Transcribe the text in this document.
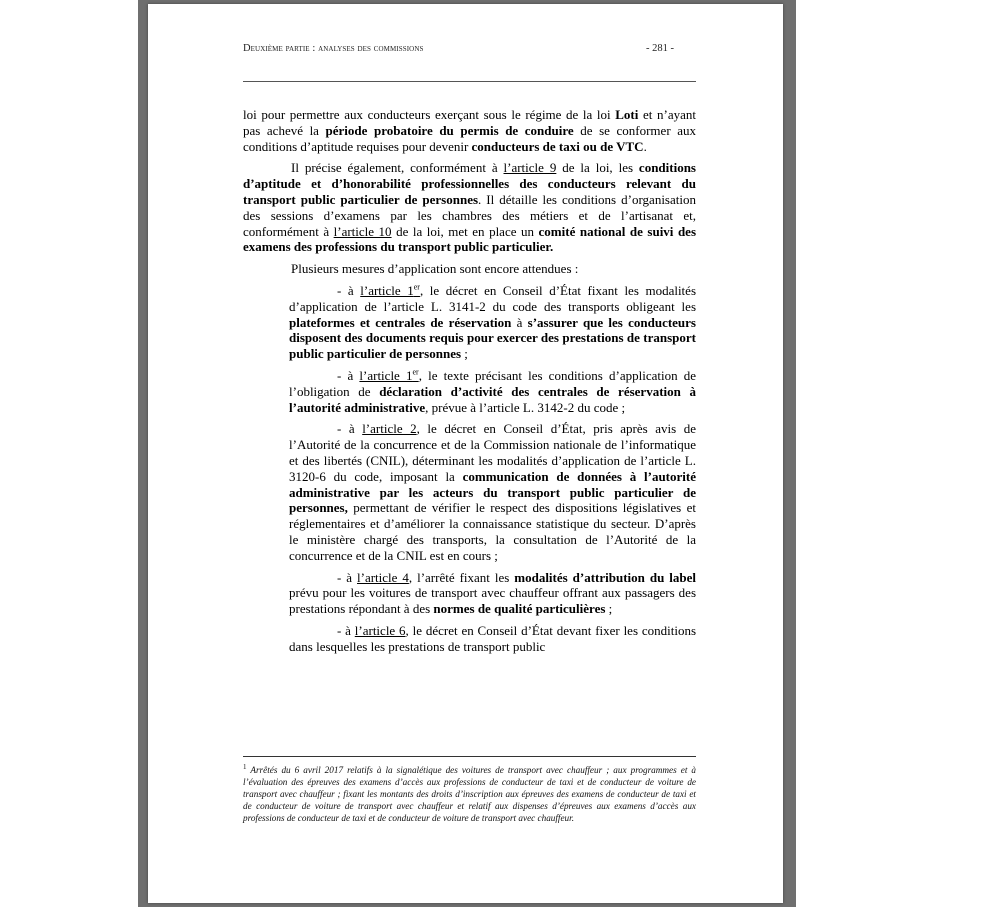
Deuxième partie : analyses des commissions	- 281 -

loi pour permettre aux conducteurs exerçant sous le régime de la loi Loti et n’ayant pas achevé la période probatoire du permis de conduire de se conformer aux conditions d’aptitude requises pour devenir conducteurs de taxi ou de VTC.

Il précise également, conformément à l’article 9 de la loi, les conditions d’aptitude et d’honorabilité professionnelles des conducteurs relevant du transport public particulier de personnes. Il détaille les conditions d’organisation des sessions d’examens par les chambres des métiers et de l’artisanat et, conformément à l’article 10 de la loi, met en place un comité national de suivi des examens des professions du transport public particulier.

Plusieurs mesures d’application sont encore attendues :

- à l’article 1er, le décret en Conseil d’État fixant les modalités d’application de l’article L. 3141-2 du code des transports obligeant les plateformes et centrales de réservation à s’assurer que les conducteurs disposent des documents requis pour exercer des prestations de transport public particulier de personnes ;

- à l’article 1er, le texte précisant les conditions d’application de l’obligation de déclaration d’activité des centrales de réservation à l’autorité administrative, prévue à l’article L. 3142-2 du code ;

- à l’article 2, le décret en Conseil d’État, pris après avis de l’Autorité de la concurrence et de la Commission nationale de l’informatique et des libertés (CNIL), déterminant les modalités d’application de l’article L. 3120-6 du code, imposant la communication de données à l’autorité administrative par les acteurs du transport public particulier de personnes, permettant de vérifier le respect des dispositions législatives et réglementaires et d’améliorer la connaissance statistique du secteur. D’après le ministère chargé des transports, la consultation de l’Autorité de la concurrence et de la CNIL est en cours ;

- à l’article 4, l’arrêté fixant les modalités d’attribution du label prévu pour les voitures de transport avec chauffeur offrant aux passagers des prestations répondant à des normes de qualité particulières ;

- à l’article 6, le décret en Conseil d’État devant fixer les conditions dans lesquelles les prestations de transport public

$^1$ Arrêtés du 6 avril 2017 relatifs à la signalétique des voitures de transport avec chauffeur ; aux programmes et à l’évaluation des épreuves des examens d’accès aux professions de conducteur de taxi et de conducteur de voiture de transport avec chauffeur ; fixant les montants des droits d’inscription aux épreuves des examens de conducteur de taxi et de conducteur de voiture de transport avec chauffeur et relatif aux dispenses d’épreuves aux examens d’accès aux professions de conducteur de taxi et de conducteur de voiture de transport avec chauffeur.
